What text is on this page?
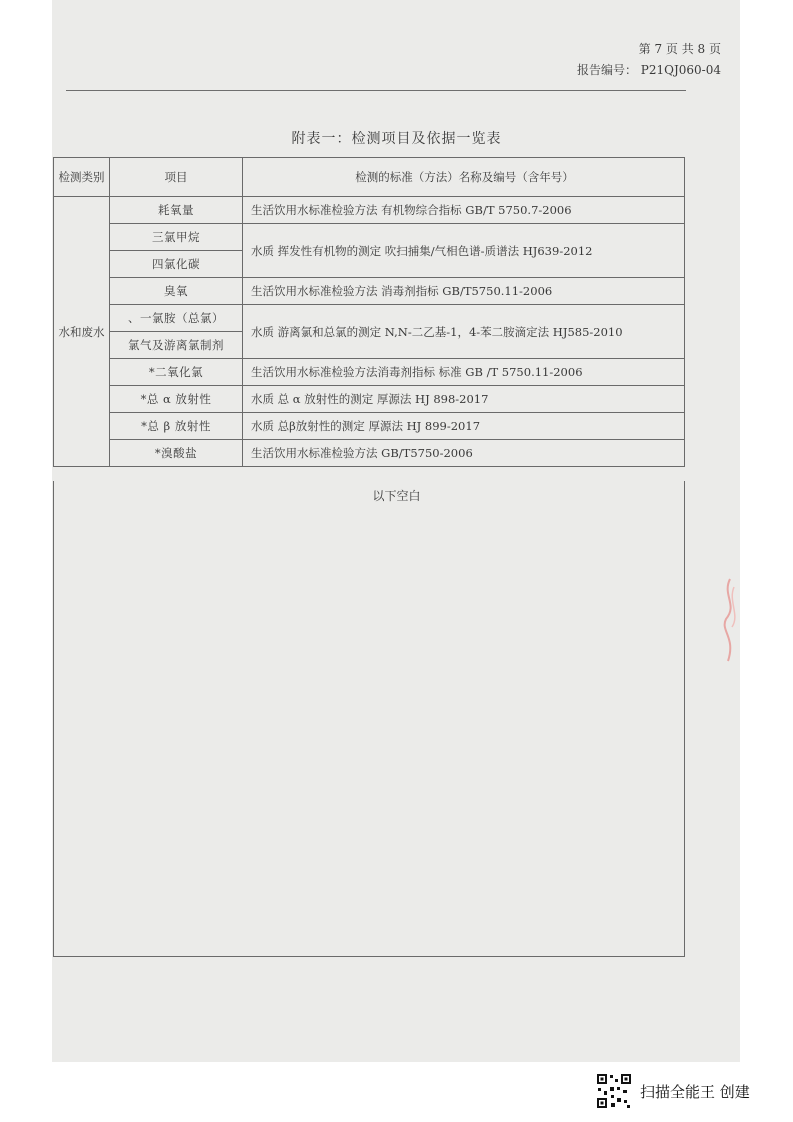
第 7 页 共 8 页
报告编号： P21QJ060-04
附表一：检测项目及依据一览表
检测类别	项目	检测的标准（方法）名称及编号（含年号）
水和废水	耗氧量	生活饮用水标准检验方法 有机物综合指标 GB/T 5750.7-2006
	三氯甲烷	水质 挥发性有机物的测定 吹扫捕集/气相色谱-质谱法 HJ639-2012
	四氯化碳	
	臭氧	生活饮用水标准检验方法 消毒剂指标 GB/T5750.11-2006
	、一氯胺（总氯）	水质 游离氯和总氯的测定 N,N-二乙基-1，4-苯二胺滴定法 HJ585-2010
	氯气及游离氯制剂	
	*二氧化氯	生活饮用水标准检验方法消毒剂指标 标准 GB /T 5750.11-2006
	*总 α 放射性	水质 总 α 放射性的测定 厚源法 HJ 898-2017
	*总 β 放射性	水质 总β放射性的测定 厚源法 HJ 899-2017
	*溴酸盐	生活饮用水标准检验方法 GB/T5750-2006
以下空白
扫描全能王 创建
